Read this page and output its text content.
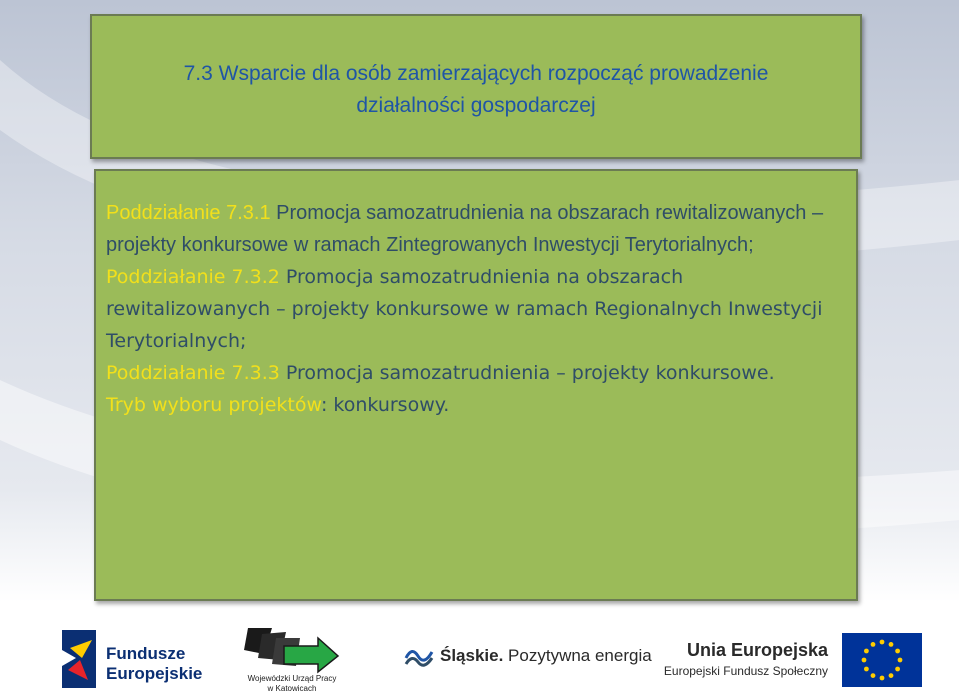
7.3 Wsparcie dla osób zamierzających rozpocząć prowadzenie
działalności gospodarczej

Poddziałanie 7.3.1 Promocja samozatrudnienia na obszarach rewitalizowanych – projekty konkursowe w ramach Zintegrowanych Inwestycji Terytorialnych;

Poddziałanie 7.3.2 Promocja samozatrudnienia na obszarach rewitalizowanych – projekty konkursowe w ramach Regionalnych Inwestycji Terytorialnych;

Poddziałanie 7.3.3 Promocja samozatrudnienia – projekty konkursowe.

Tryb wyboru projektów: konkursowy.

Fundusze
Europejskie	Wojewódzki Urząd Pracy
w Katowicach
Śląskie. Pozytywna energia Unia Europejska
Europejski Fundusz Społeczny
